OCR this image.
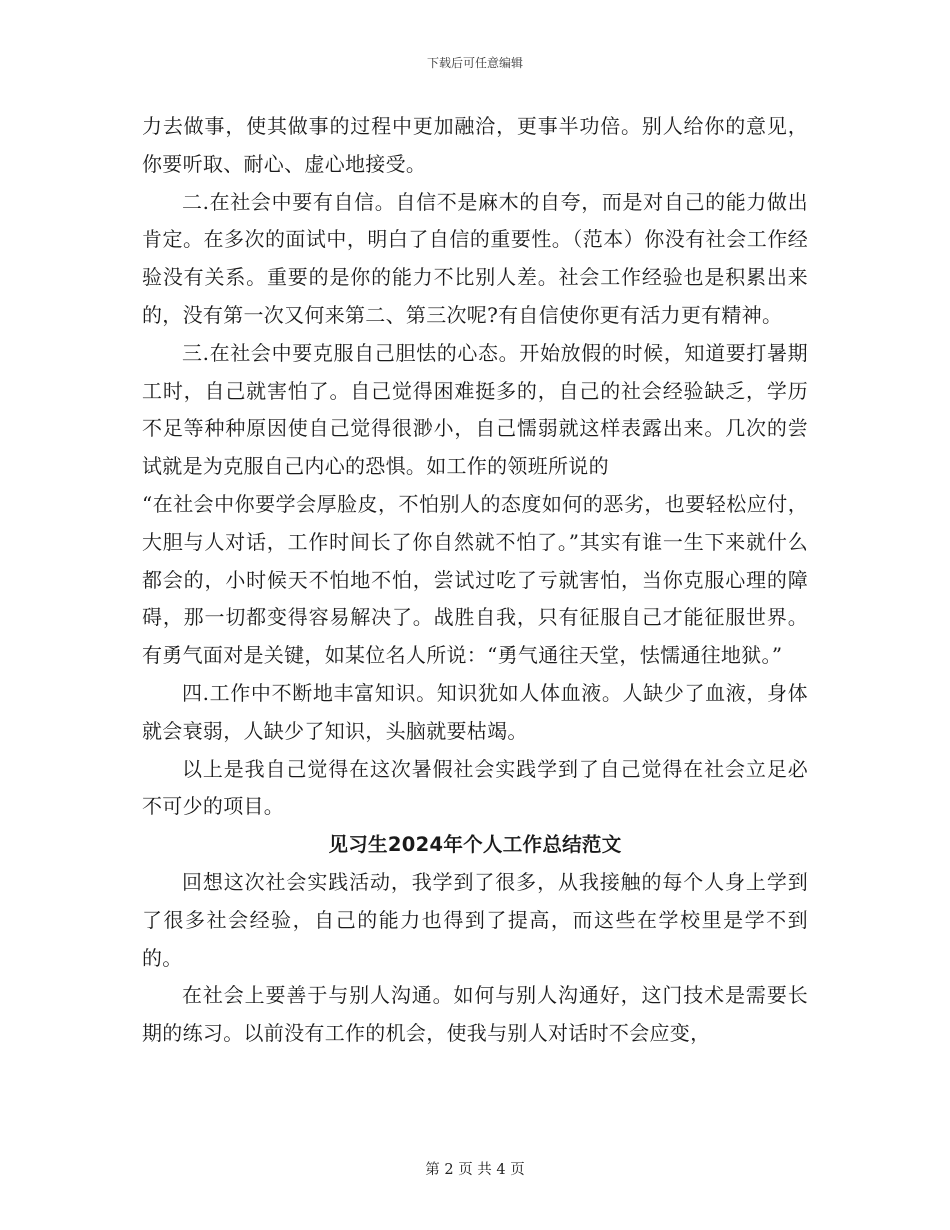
下载后可任意编辑

力去做事，使其做事的过程中更加融洽，更事半功倍。别人给你的意见，你要听取、耐心、虚心地接受。

二.在社会中要有自信。自信不是麻木的自夸，而是对自己的能力做出肯定。在多次的面试中，明白了自信的重要性。（范本）你没有社会工作经验没有关系。重要的是你的能力不比别人差。社会工作经验也是积累出来的，没有第一次又何来第二、第三次呢?有自信使你更有活力更有精神。

三.在社会中要克服自己胆怯的心态。开始放假的时候，知道要打暑期工时，自己就害怕了。自己觉得困难挺多的，自己的社会经验缺乏，学历不足等种种原因使自己觉得很渺小，自己懦弱就这样表露出来。几次的尝试就是为克服自己内心的恐惧。如工作的领班所说的

“在社会中你要学会厚脸皮，不怕别人的态度如何的恶劣，也要轻松应付，大胆与人对话，工作时间长了你自然就不怕了。”其实有谁一生下来就什么都会的，小时候天不怕地不怕，尝试过吃了亏就害怕，当你克服心理的障碍，那一切都变得容易解决了。战胜自我，只有征服自己才能征服世界。有勇气面对是关键，如某位名人所说：“勇气通往天堂，怯懦通往地狱。”

四.工作中不断地丰富知识。知识犹如人体血液。人缺少了血液，身体就会衰弱，人缺少了知识，头脑就要枯竭。

以上是我自己觉得在这次暑假社会实践学到了自己觉得在社会立足必不可少的项目。

见习生2024年个人工作总结范文

回想这次社会实践活动，我学到了很多，从我接触的每个人身上学到了很多社会经验，自己的能力也得到了提高，而这些在学校里是学不到的。

在社会上要善于与别人沟通。如何与别人沟通好，这门技术是需要长期的练习。以前没有工作的机会，使我与别人对话时不会应变，

第 2 页 共 4 页
